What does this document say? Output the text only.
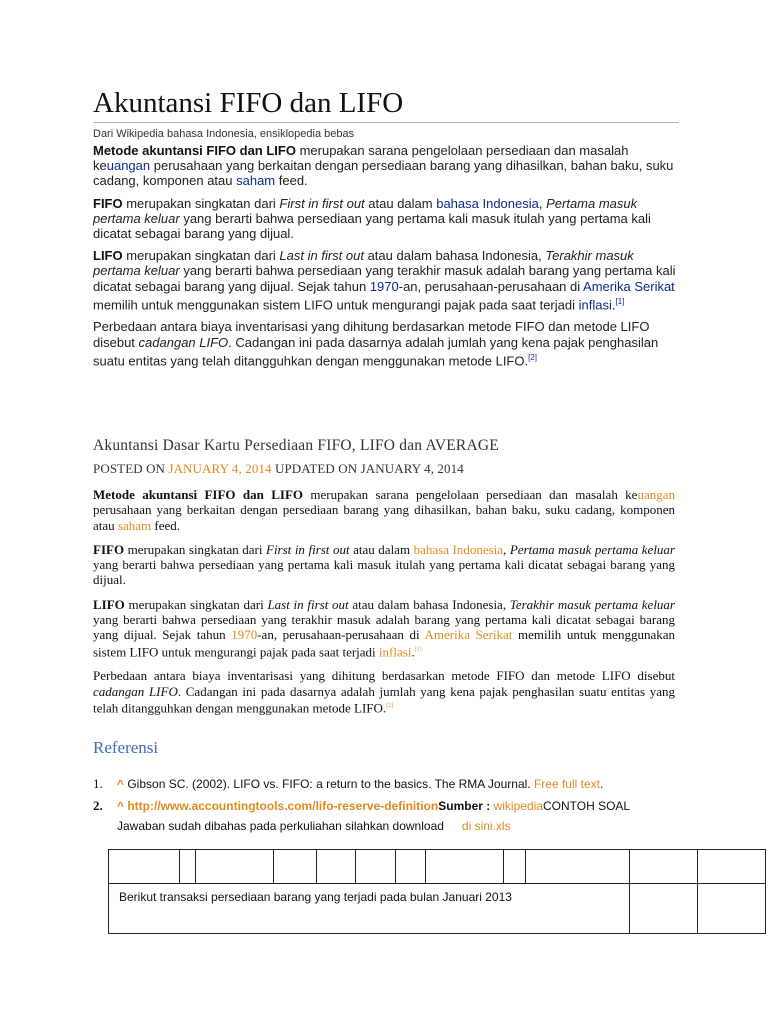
Akuntansi FIFO dan LIFO
Dari Wikipedia bahasa Indonesia, ensiklopedia bebas

Metode akuntansi FIFO dan LIFO merupakan sarana pengelolaan persediaan dan masalah keuangan perusahaan yang berkaitan dengan persediaan barang yang dihasilkan, bahan baku, suku cadang, komponen atau saham feed.

FIFO merupakan singkatan dari First in first out atau dalam bahasa Indonesia, Pertama masuk pertama keluar yang berarti bahwa persediaan yang pertama kali masuk itulah yang pertama kali dicatat sebagai barang yang dijual.

LIFO merupakan singkatan dari Last in first out atau dalam bahasa Indonesia, Terakhir masuk pertama keluar yang berarti bahwa persediaan yang terakhir masuk adalah barang yang pertama kali dicatat sebagai barang yang dijual. Sejak tahun 1970-an, perusahaan-perusahaan di Amerika Serikat memilih untuk menggunakan sistem LIFO untuk mengurangi pajak pada saat terjadi inflasi.[1]

Perbedaan antara biaya inventarisasi yang dihitung berdasarkan metode FIFO dan metode LIFO disebut cadangan LIFO. Cadangan ini pada dasarnya adalah jumlah yang kena pajak penghasilan suatu entitas yang telah ditangguhkan dengan menggunakan metode LIFO.[2]

Akuntansi Dasar Kartu Persediaan FIFO, LIFO dan AVERAGE
POSTED ON JANUARY 4, 2014 UPDATED ON JANUARY 4, 2014

Metode akuntansi FIFO dan LIFO merupakan sarana pengelolaan persediaan dan masalah keuangan perusahaan yang berkaitan dengan persediaan barang yang dihasilkan, bahan baku, suku cadang, komponen atau saham feed.

FIFO merupakan singkatan dari First in first out atau dalam bahasa Indonesia, Pertama masuk pertama keluar yang berarti bahwa persediaan yang pertama kali masuk itulah yang pertama kali dicatat sebagai barang yang dijual.

LIFO merupakan singkatan dari Last in first out atau dalam bahasa Indonesia, Terakhir masuk pertama keluar yang berarti bahwa persediaan yang terakhir masuk adalah barang yang pertama kali dicatat sebagai barang yang dijual. Sejak tahun 1970-an, perusahaan-perusahaan di Amerika Serikat memilih untuk menggunakan sistem LIFO untuk mengurangi pajak pada saat terjadi inflasi.[1]

Perbedaan antara biaya inventarisasi yang dihitung berdasarkan metode FIFO dan metode LIFO disebut cadangan LIFO. Cadangan ini pada dasarnya adalah jumlah yang kena pajak penghasilan suatu entitas yang telah ditangguhkan dengan menggunakan metode LIFO.[2]

Referensi
1. ^ Gibson SC. (2002). LIFO vs. FIFO: a return to the basics. The RMA Journal. Free full text.
2. ^ http://www.accountingtools.com/lifo-reserve-definitionSumber : wikipediaCONTOH SOAL
Jawaban sudah dibahas pada perkuliahan silahkan download di sini.xls
Berikut transaksi persediaan barang yang terjadi pada bulan Januari 2013
